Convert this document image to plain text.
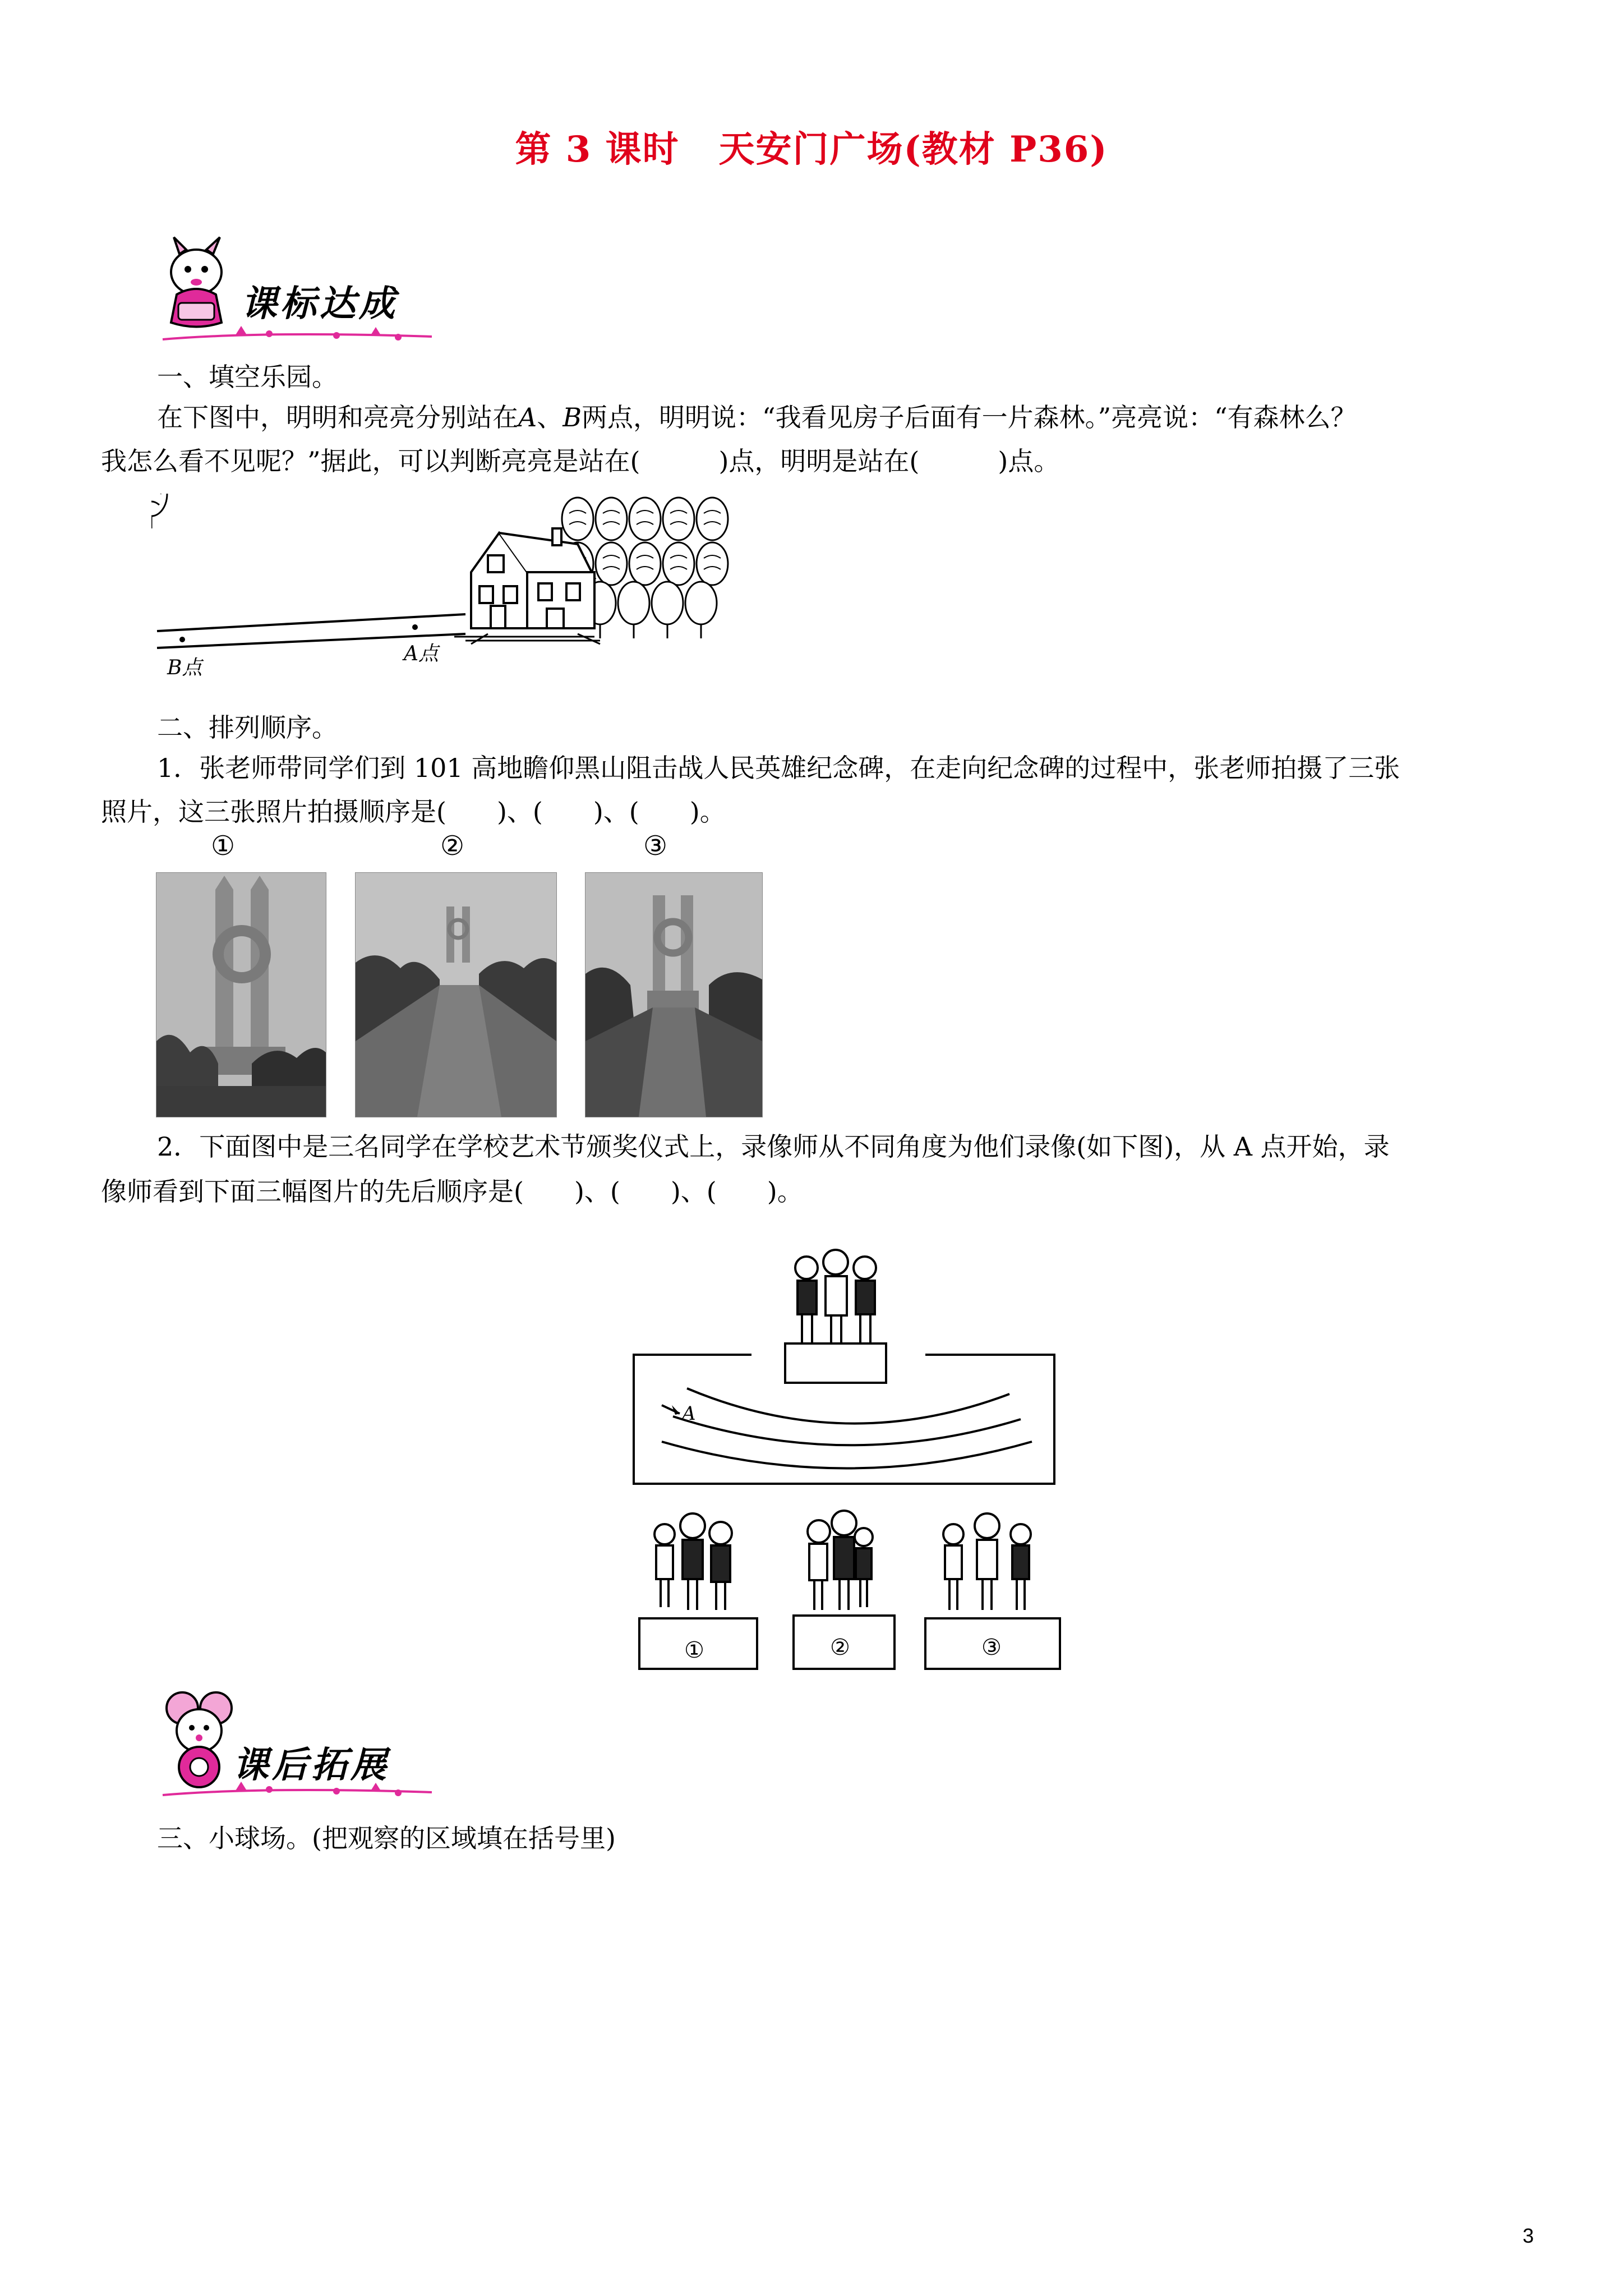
第 3 课时 天安门广场(教材 P36)
课标达成
一、填空乐园。
在下图中，明明和亮亮分别站在A、B两点，明明说：“我看见房子后面有一片森林。”亮亮说：“有森林么？
我怎么看不见呢？”据此，可以判断亮亮是站在(	)点，明明是站在(	)点。
B点
A点
二、排列顺序。
1．张老师带同学们到 101 高地瞻仰黑山阻击战人民英雄纪念碑，在走向纪念碑的过程中，张老师拍摄了三张
照片，这三张照片拍摄顺序是( )、( )、( )。
①	②	③
2．下面图中是三名同学在学校艺术节颁奖仪式上，录像师从不同角度为他们录像(如下图)，从 A 点开始，录
像师看到下面三幅图片的先后顺序是( )、( )、( )。
A
①	②	③
课后拓展
三、小球场。(把观察的区域填在括号里)
3
